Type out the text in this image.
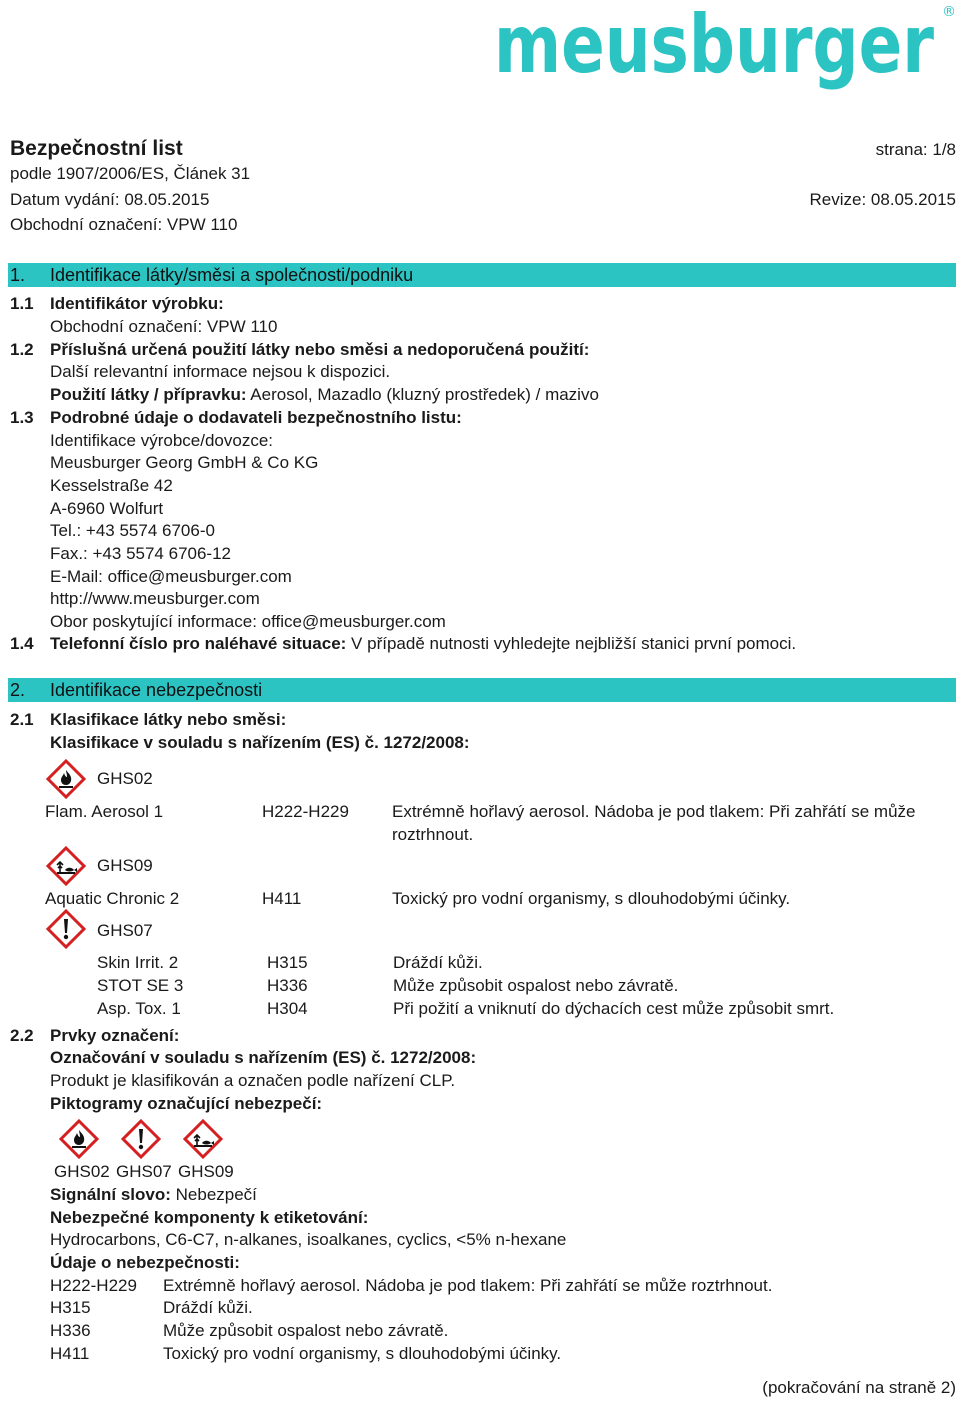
meusburger ®
Bezpečnostní list	strana: 1/8
podle 1907/2006/ES, Článek 31
Datum vydání: 08.05.2015	Revize: 08.05.2015
Obchodní označení: VPW 110
1. Identifikace látky/směsi a společnosti/podniku
1.1 Identifikátor výrobku:
Obchodní označení: VPW 110
1.2 Příslušná určená použití látky nebo směsi a nedoporučená použití:
Další relevantní informace nejsou k dispozici.
Použití látky / přípravku: Aerosol, Mazadlo (kluzný prostředek) / mazivo
1.3 Podrobné údaje o dodavateli bezpečnostního listu:
Identifikace výrobce/dovozce:
Meusburger Georg GmbH & Co KG
Kesselstraße 42
A-6960 Wolfurt
Tel.: +43 5574 6706-0
Fax.: +43 5574 6706-12
E-Mail: office@meusburger.com
http://www.meusburger.com
Obor poskytující informace: office@meusburger.com
1.4 Telefonní číslo pro naléhavé situace: V případě nutnosti vyhledejte nejbližší stanici první pomoci.
2. Identifikace nebezpečnosti
2.1 Klasifikace látky nebo směsi:
Klasifikace v souladu s nařízením (ES) č. 1272/2008:
GHS02
Flam. Aerosol 1	H222-H229	Extrémně hořlavý aerosol. Nádoba je pod tlakem: Při zahřátí se může
roztrhnout.
GHS09
Aquatic Chronic 2	H411	Toxický pro vodní organismy, s dlouhodobými účinky.
GHS07
Skin Irrit. 2	H315	Dráždí kůži.
STOT SE 3	H336	Může způsobit ospalost nebo závratě.
Asp. Tox. 1	H304	Při požití a vniknutí do dýchacích cest může způsobit smrt.
2.2 Prvky označení:
Označování v souladu s nařízením (ES) č. 1272/2008:
Produkt je klasifikován a označen podle nařízení CLP.
Piktogramy označující nebezpečí:
GHS02 GHS07 GHS09
Signální slovo: Nebezpečí
Nebezpečné komponenty k etiketování:
Hydrocarbons, C6-C7, n-alkanes, isoalkanes, cyclics, <5% n-hexane
Údaje o nebezpečnosti:
H222-H229 Extrémně hořlavý aerosol. Nádoba je pod tlakem: Při zahřátí se může roztrhnout.
H315	Dráždí kůži.
H336	Může způsobit ospalost nebo závratě.
H411	Toxický pro vodní organismy, s dlouhodobými účinky.
(pokračování na straně 2)
